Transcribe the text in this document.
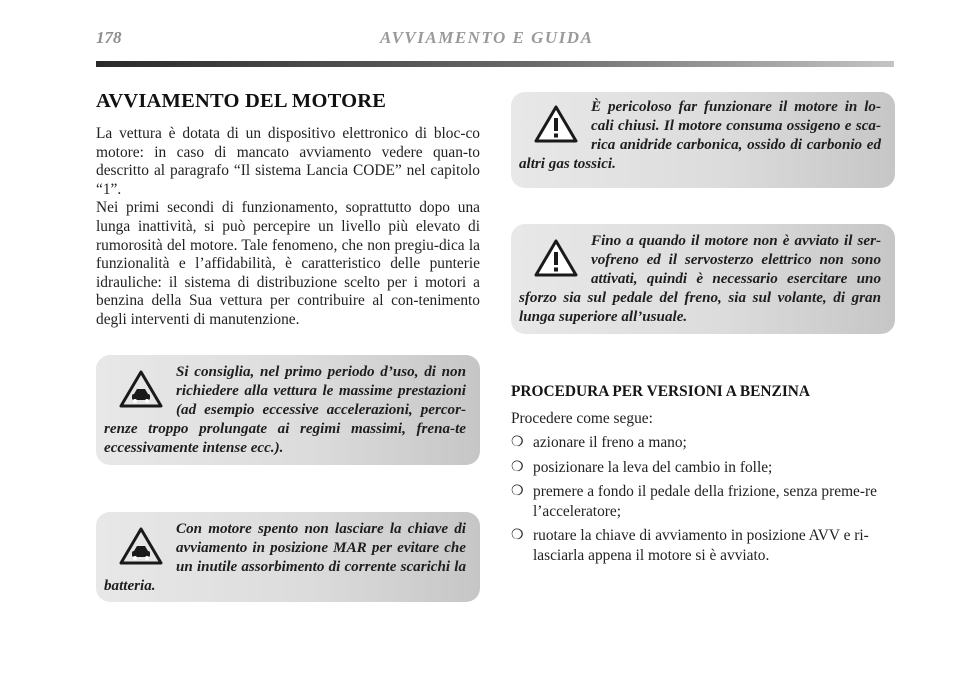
178	AVVIAMENTO E GUIDA
AVVIAMENTO DEL MOTORE

La vettura è dotata di un dispositivo elettronico di bloc-co motore: in caso di mancato avviamento vedere quan-to descritto al paragrafo “Il sistema Lancia CODE” nel capitolo “1”.

Nei primi secondi di funzionamento, soprattutto dopo una lunga inattività, si può percepire un livello più elevato di rumorosità del motore. Tale fenomeno, che non pregiu-dica la funzionalità e l’affidabilità, è caratteristico delle punterie idrauliche: il sistema di distribuzione scelto per i motori a benzina della Sua vettura per contribuire al con-tenimento degli interventi di manutenzione.

Si consiglia, nel primo periodo d’uso, di non richiedere alla vettura le massime prestazioni (ad esempio eccessive accelerazioni, percor-renze troppo prolungate ai regimi massimi, frena-te eccessivamente intense ecc.).

Con motore spento non lasciare la chiave di avviamento in posizione MAR per evitare che un inutile assorbimento di corrente scarichi la batteria.

È pericoloso far funzionare il motore in lo-cali chiusi. Il motore consuma ossigeno e sca-rica anidride carbonica, ossido di carbonio ed altri gas tossici.

Fino a quando il motore non è avviato il ser-vofreno ed il servosterzo elettrico non sono attivati, quindi è necessario esercitare uno sforzo sia sul pedale del freno, sia sul volante, di gran lunga superiore all’usuale.

PROCEDURA PER VERSIONI A BENZINA

Procedere come segue:

❍ azionare il freno a mano;
❍ posizionare la leva del cambio in folle;
❍ premere a fondo il pedale della frizione, senza preme-re l’acceleratore;
❍ ruotare la chiave di avviamento in posizione AVV e ri-lasciarla appena il motore si è avviato.
